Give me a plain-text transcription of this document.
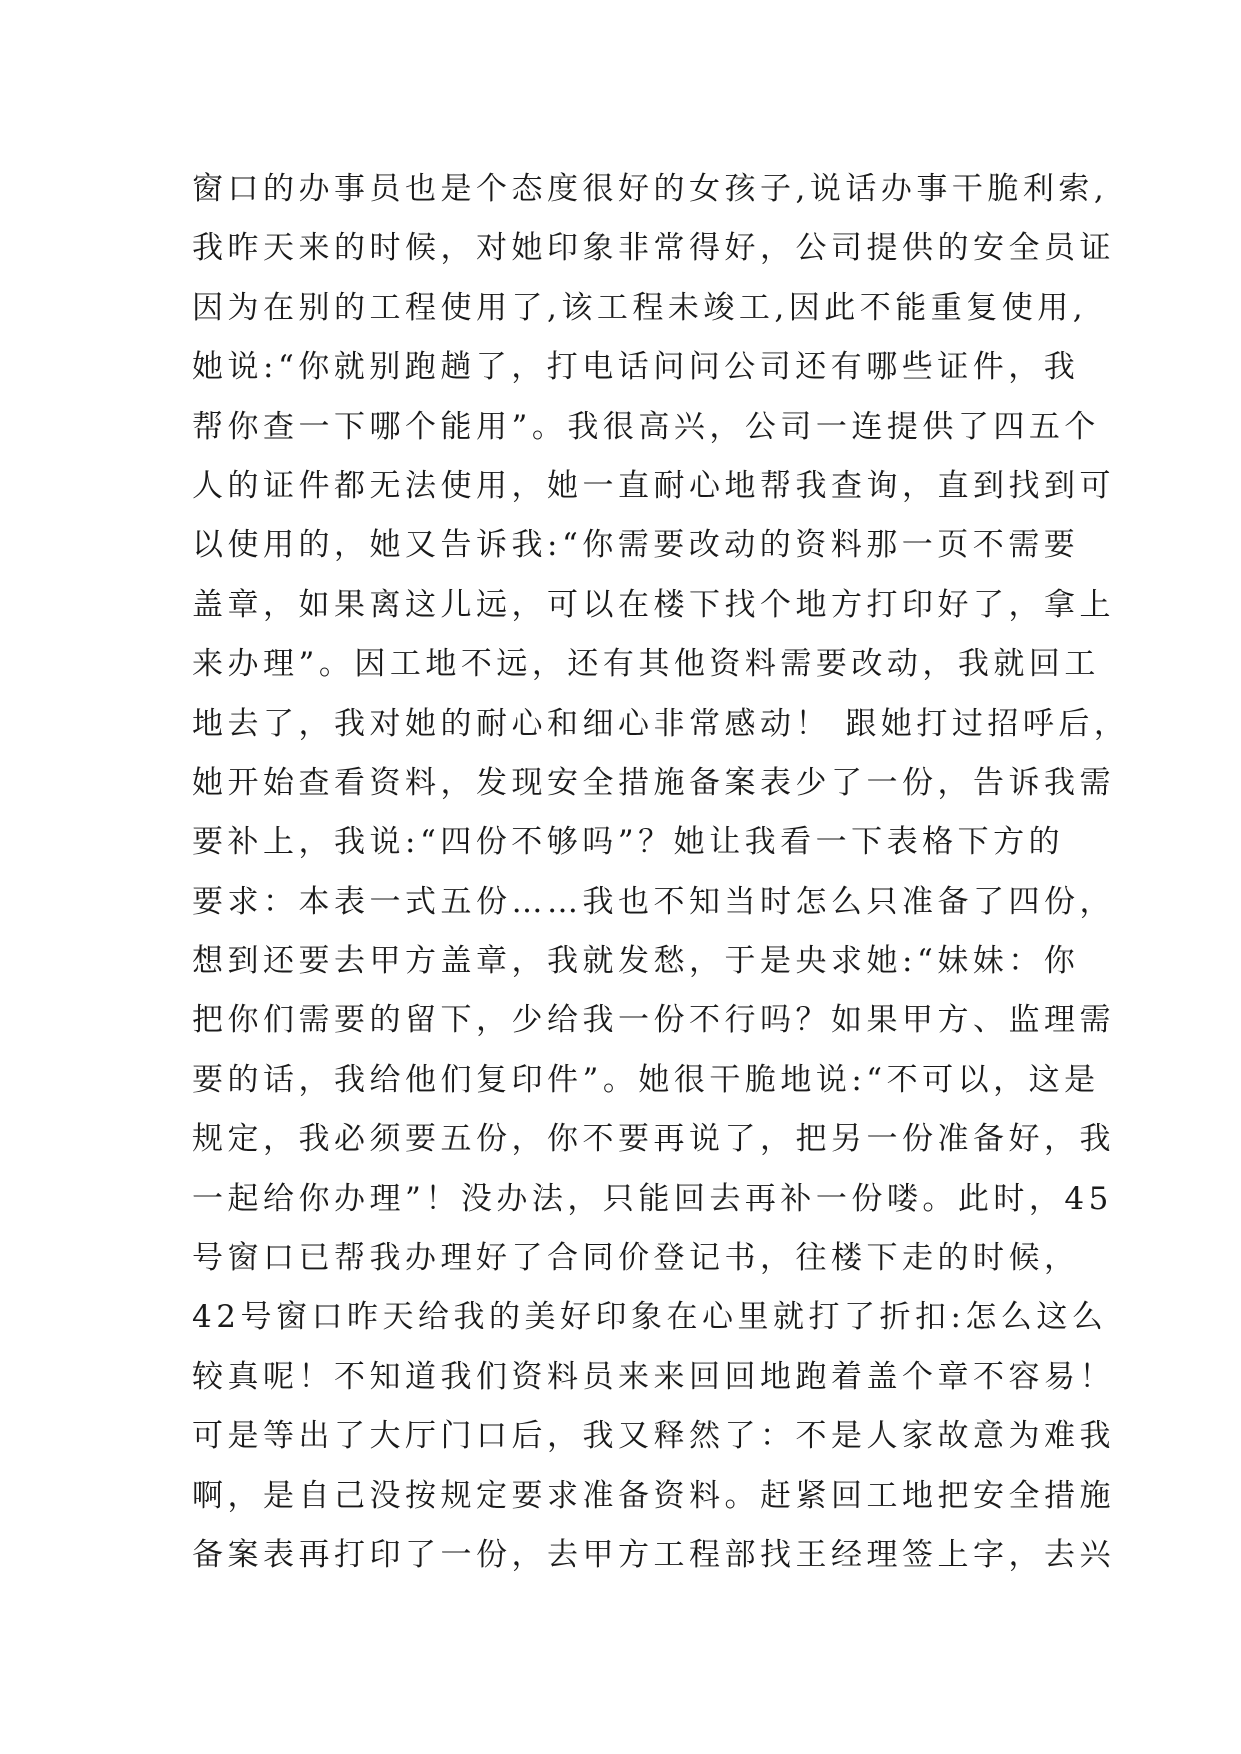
窗口的办事员也是个态度很好的女孩子,说话办事干脆利索,
我昨天来的时候，对她印象非常得好，公司提供的安全员证
因为在别的工程使用了,该工程未竣工,因此不能重复使用,
她说:“你就别跑趟了，打电话问问公司还有哪些证件，我
帮你查一下哪个能用”。我很高兴，公司一连提供了四五个
人的证件都无法使用，她一直耐心地帮我查询，直到找到可
以使用的，她又告诉我:“你需要改动的资料那一页不需要
盖章，如果离这儿远，可以在楼下找个地方打印好了，拿上
来办理”。因工地不远，还有其他资料需要改动，我就回工
地去了，我对她的耐心和细心非常感动！ 跟她打过招呼后，
她开始查看资料，发现安全措施备案表少了一份，告诉我需
要补上，我说:“四份不够吗”？她让我看一下表格下方的
要求：本表一式五份……我也不知当时怎么只准备了四份，
想到还要去甲方盖章，我就发愁，于是央求她:“妹妹：你
把你们需要的留下，少给我一份不行吗？如果甲方、监理需
要的话，我给他们复印件”。她很干脆地说:“不可以，这是
规定，我必须要五份，你不要再说了，把另一份准备好，我
一起给你办理”！没办法，只能回去再补一份喽。此时，45
号窗口已帮我办理好了合同价登记书，往楼下走的时候，
42号窗口昨天给我的美好印象在心里就打了折扣:怎么这么
较真呢！不知道我们资料员来来回回地跑着盖个章不容易！
可是等出了大厅门口后，我又释然了：不是人家故意为难我
啊，是自己没按规定要求准备资料。赶紧回工地把安全措施
备案表再打印了一份，去甲方工程部找王经理签上字，去兴
